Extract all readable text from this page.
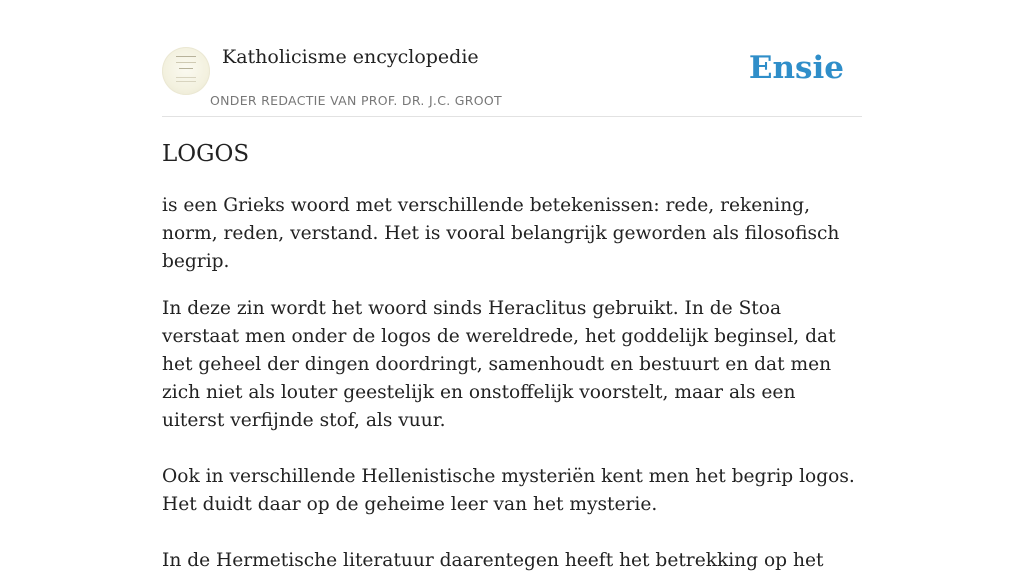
Katholicisme encyclopedie
ONDER REDACTIE VAN PROF. DR. J.C. GROOT
Ensie
LOGOS

is een Grieks woord met verschillende betekenissen: rede, rekening, norm, reden, verstand. Het is vooral belangrijk geworden als filosofisch begrip.

In deze zin wordt het woord sinds Heraclitus gebruikt. In de Stoa verstaat men onder de logos de wereldrede, het goddelijk beginsel, dat het geheel der dingen doordringt, samenhoudt en bestuurt en dat men zich niet als louter geestelijk en onstoffelijk voorstelt, maar als een uiterst verfijnde stof, als vuur.

Ook in verschillende Hellenistische mysteriën kent men het begrip logos. Het duidt daar op de geheime leer van het mysterie.

In de Hermetische literatuur daarentegen heeft het betrekking op het
